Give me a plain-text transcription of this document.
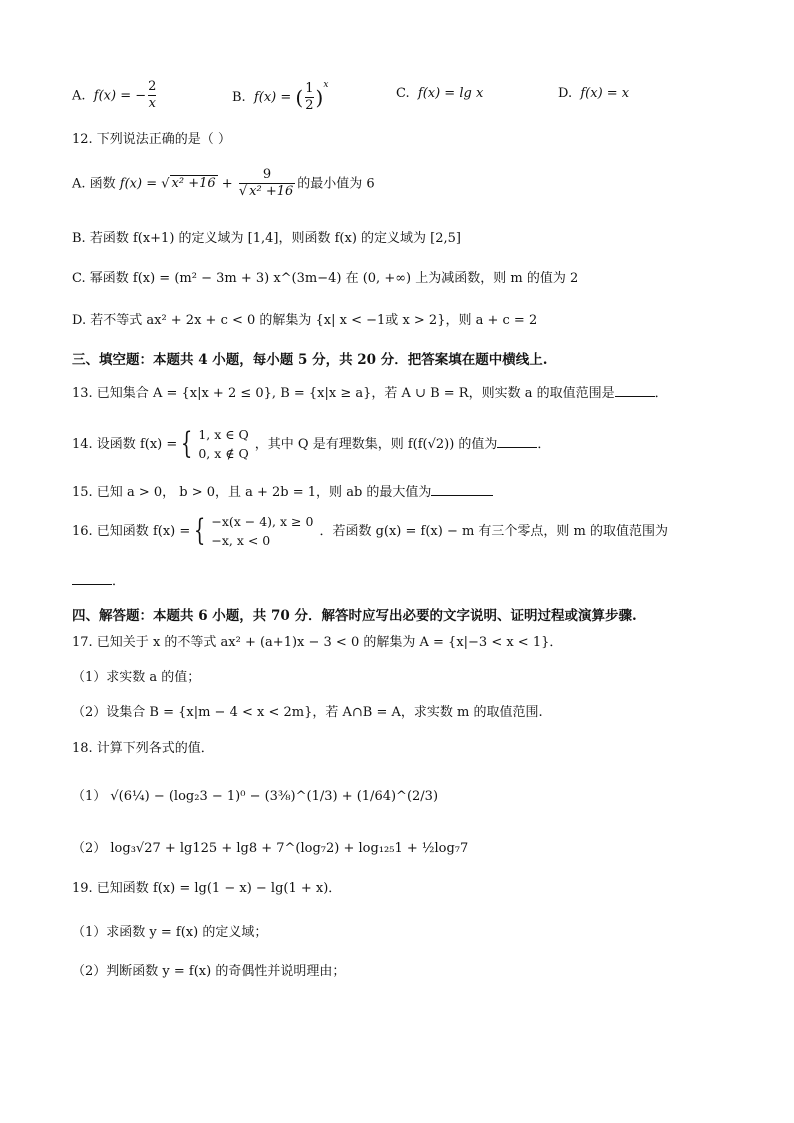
A. f(x) = − $\frac{2}{x}$	B. f(x) = ( $\frac{1}{2} )^x$
C. f(x) = lg x	D. f(x) = x
12. 下列说法正确的是（ ）
A. 函数 f(x) = √ $x^2 +16 + \frac{9}{\text{√ x² +16}}$ 的最小值为 6
B. 若函数 f(x+1) 的定义域为 [1,4]，则函数 f(x) 的定义域为 [2,5]
C. 幂函数 f(x) = (m² − 3m + 3) x^(3m−4) 在 (0, +∞) 上为减函数，则 m 的值为 2
D. 若不等式 ax² + 2x + c < 0 的解集为 {x| x < −1或 x > 2}，则 a + c = 2
三、填空题：本题共 4 小题，每小题 5 分，共 20 分．把答案填在题中横线上.
13. 已知集合 A = {x|x + 2 ≤ 0}, B = {x|x ≥ a}，若 A ∪ B = R，则实数 a 的取值范围是	．
14. 设函数 f(x) = { 1, x ∈ Q
0, x ∉ Q
，其中 Q 是有理数集，则 f(f(√2)) 的值为	．
15. 已知 a > 0， b > 0，且 a + 2b = 1，则 ab 的最大值为
16. 已知函数 f(x) = { −x(x − 4), x ≥ 0
−x, x < 0
．若函数 g(x) = f(x) − m 有三个零点，则 m 的取值范围为
．
四、解答题：本题共 6 小题，共 70 分．解答时应写出必要的文字说明、证明过程或演算步骤.
17. 已知关于 x 的不等式 ax² + (a+1)x − 3 < 0 的解集为 A = {x|−3 < x < 1}．
（1）求实数 a 的值；
（2）设集合 B = {x|m − 4 < x < 2m}，若 A∩B = A，求实数 m 的取值范围.
18. 计算下列各式的值．
（1） √(6¼) − (log₂3 − 1)⁰ − (3⅜)^(1/3) + (1/64)^(2/3)
（2） log₃√27 + lg125 + lg8 + 7^(log₇2) + log₁₂₅1 + ½log₇7
19. 已知函数 f(x) = lg(1 − x) − lg(1 + x)．
（1）求函数 y = f(x) 的定义域；
（2）判断函数 y = f(x) 的奇偶性并说明理由；
